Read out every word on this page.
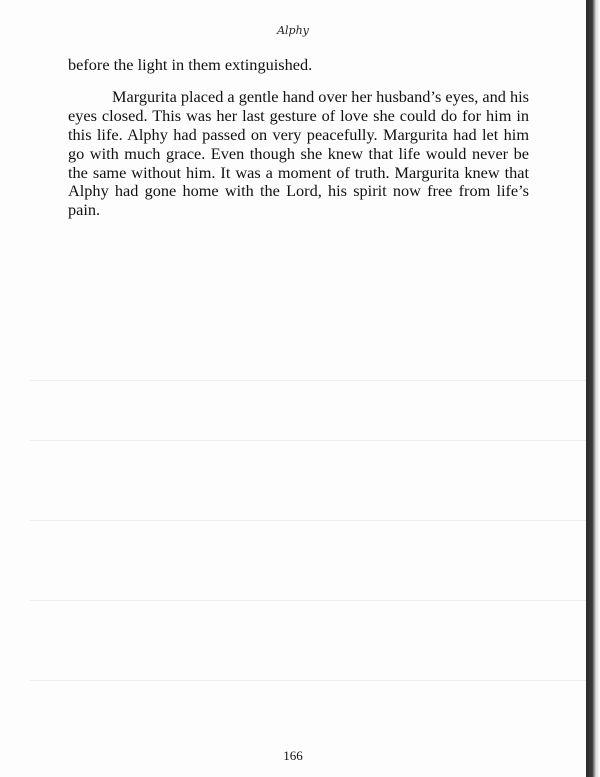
Alphy

before the light in them extinguished.

Margurita placed a gentle hand over her husband’s eyes, and his eyes closed. This was her last gesture of love she could do for him in this life. Alphy had passed on very peacefully. Margurita had let him go with much grace. Even though she knew that life would never be the same without him. It was a moment of truth. Margurita knew that Alphy had gone home with the Lord, his spirit now free from life’s pain.

166
